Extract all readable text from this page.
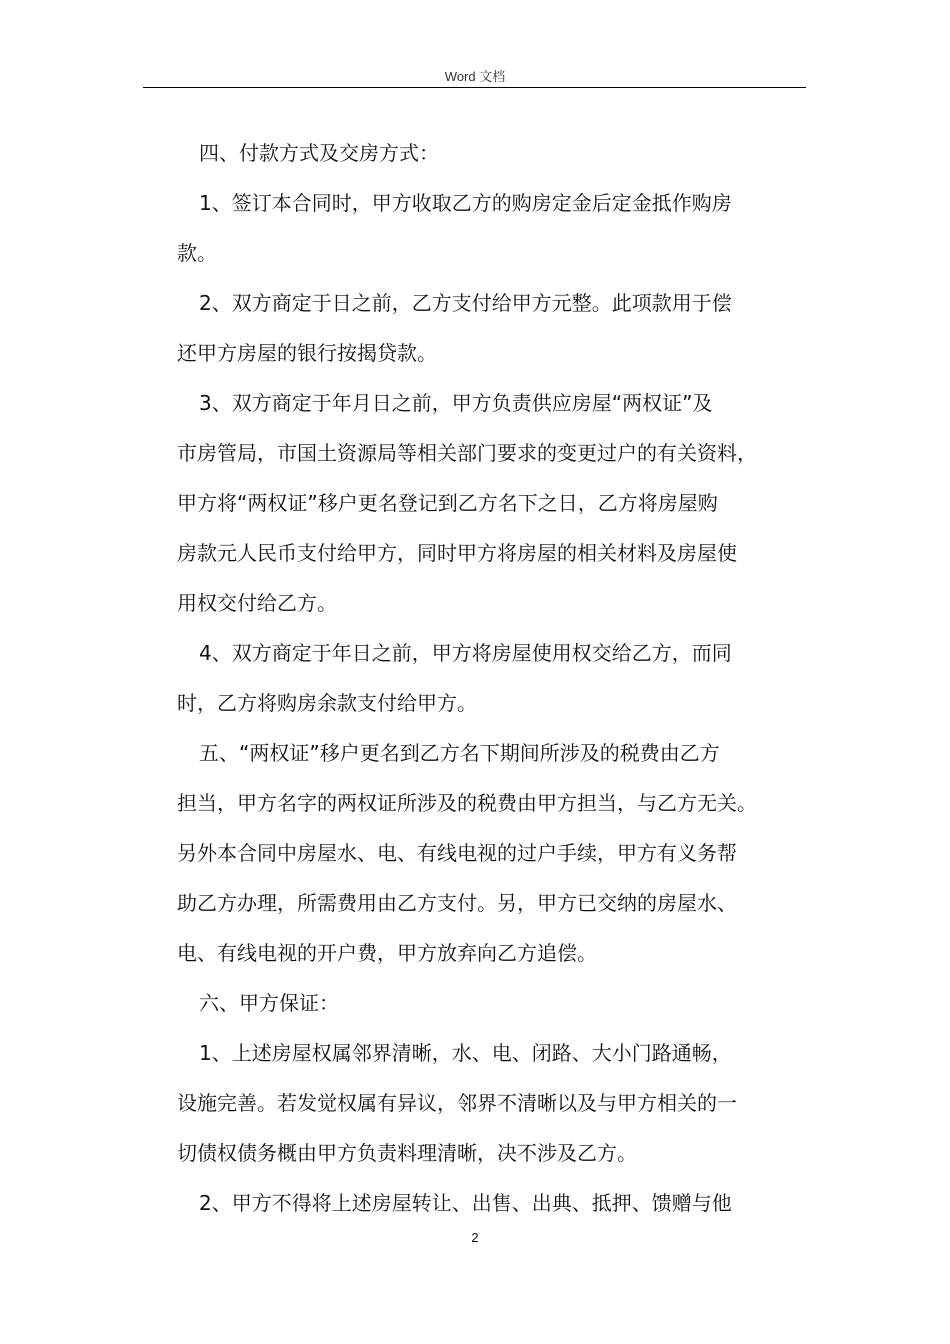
Word 文档
四、付款方式及交房方式：
1、签订本合同时，甲方收取乙方的购房定金后定金抵作购房
款。
2、双方商定于日之前，乙方支付给甲方元整。此项款用于偿
还甲方房屋的银行按揭贷款。
3、双方商定于年月日之前，甲方负责供应房屋“两权证”及
市房管局，市国土资源局等相关部门要求的变更过户的有关资料，
甲方将“两权证”移户更名登记到乙方名下之日，乙方将房屋购
房款元人民币支付给甲方，同时甲方将房屋的相关材料及房屋使
用权交付给乙方。
4、双方商定于年日之前，甲方将房屋使用权交给乙方，而同
时，乙方将购房余款支付给甲方。
五、“两权证”移户更名到乙方名下期间所涉及的税费由乙方
担当，甲方名字的两权证所涉及的税费由甲方担当，与乙方无关。
另外本合同中房屋水、电、有线电视的过户手续，甲方有义务帮
助乙方办理，所需费用由乙方支付。另，甲方已交纳的房屋水、
电、有线电视的开户费，甲方放弃向乙方追偿。
六、甲方保证：
1、上述房屋权属邻界清晰，水、电、闭路、大小门路通畅，
设施完善。若发觉权属有异议，邻界不清晰以及与甲方相关的一
切债权债务概由甲方负责料理清晰，决不涉及乙方。
2、甲方不得将上述房屋转让、出售、出典、抵押、馈赠与他
2
